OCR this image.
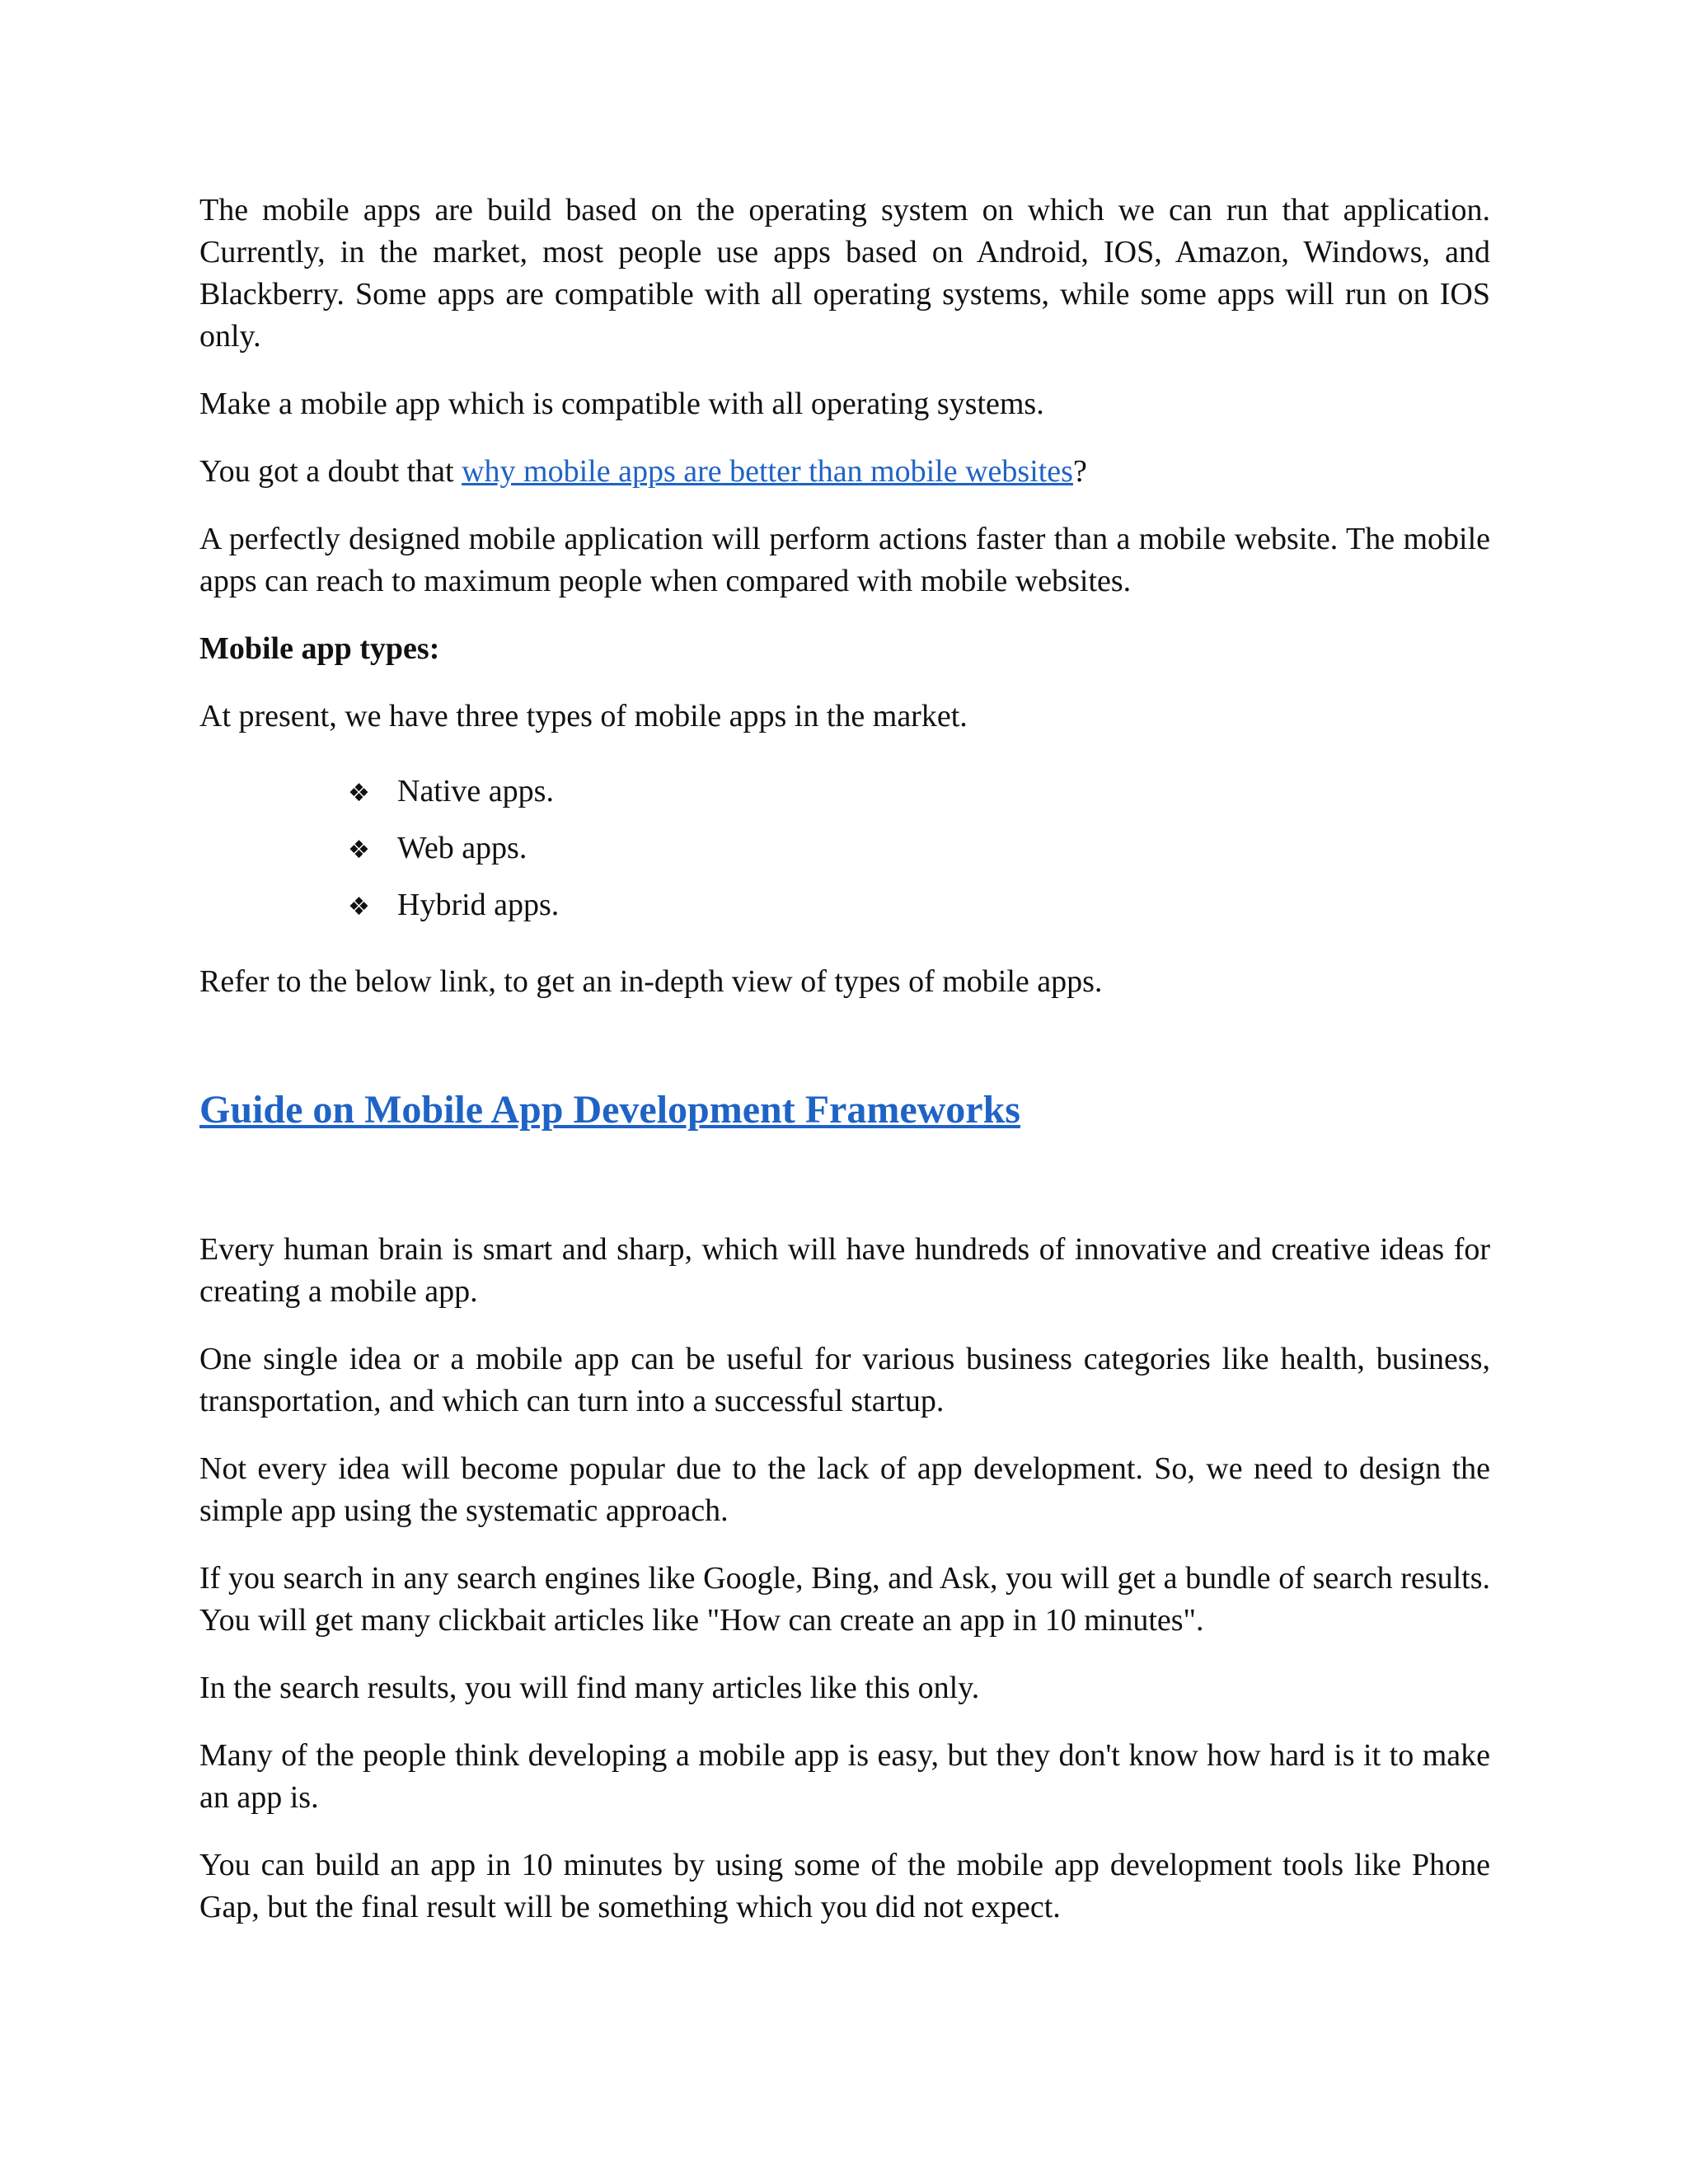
The mobile apps are build based on the operating system on which we can run that application. Currently, in the market, most people use apps based on Android, IOS, Amazon, Windows, and Blackberry. Some apps are compatible with all operating systems, while some apps will run on IOS only.

Make a mobile app which is compatible with all operating systems.

You got a doubt that why mobile apps are better than mobile websites?

A perfectly designed mobile application will perform actions faster than a mobile website. The mobile apps can reach to maximum people when compared with mobile websites.

Mobile app types:

At present, we have three types of mobile apps in the market.

❖ Native apps.
❖ Web apps.
❖ Hybrid apps.

Refer to the below link, to get an in-depth view of types of mobile apps.

Guide on Mobile App Development Frameworks

Every human brain is smart and sharp, which will have hundreds of innovative and creative ideas for creating a mobile app.

One single idea or a mobile app can be useful for various business categories like health, business, transportation, and which can turn into a successful startup.

Not every idea will become popular due to the lack of app development. So, we need to design the simple app using the systematic approach.

If you search in any search engines like Google, Bing, and Ask, you will get a bundle of search results. You will get many clickbait articles like "How can create an app in 10 minutes".

In the search results, you will find many articles like this only.

Many of the people think developing a mobile app is easy, but they don't know how hard is it to make an app is.

You can build an app in 10 minutes by using some of the mobile app development tools like Phone Gap, but the final result will be something which you did not expect.
